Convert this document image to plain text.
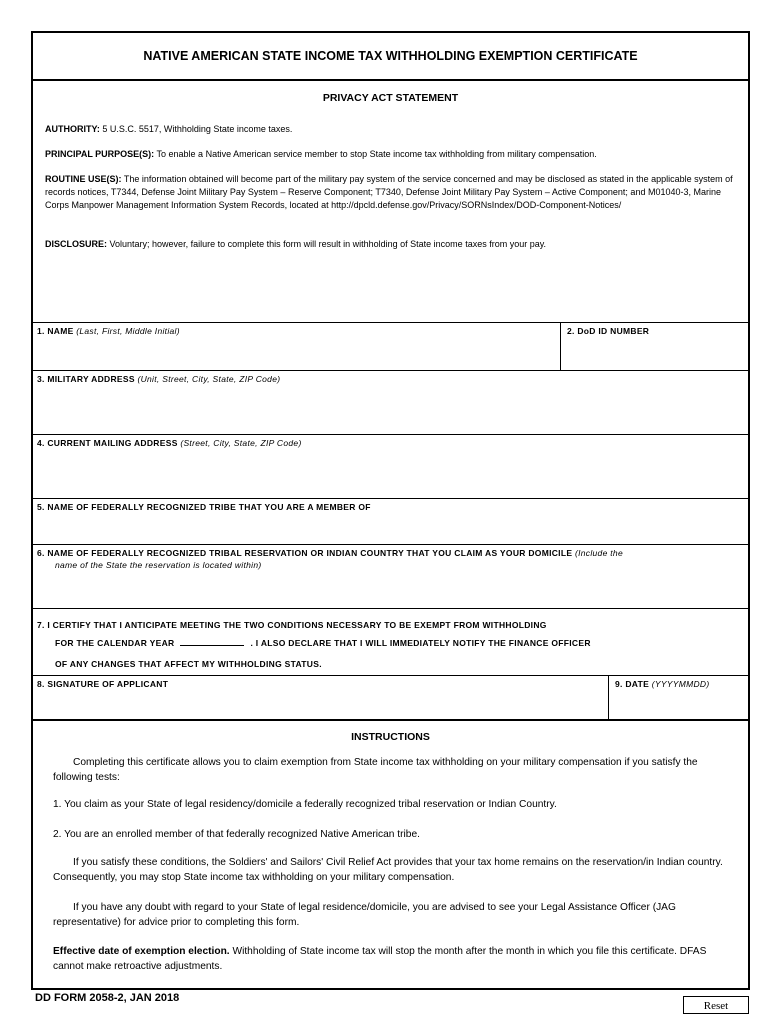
NATIVE AMERICAN STATE INCOME TAX WITHHOLDING EXEMPTION CERTIFICATE
PRIVACY ACT STATEMENT
AUTHORITY: 5 U.S.C. 5517, Withholding State income taxes.
PRINCIPAL PURPOSE(S): To enable a Native American service member to stop State income tax withholding from military compensation.
ROUTINE USE(S): The information obtained will become part of the military pay system of the service concerned and may be disclosed as stated in the applicable system of records notices, T7344, Defense Joint Military Pay System – Reserve Component; T7340, Defense Joint Military Pay System – Active Component; and M01040-3, Marine Corps Manpower Management Information System Records, located at http://dpcld.defense.gov/Privacy/SORNsIndex/DOD-Component-Notices/
DISCLOSURE: Voluntary; however, failure to complete this form will result in withholding of State income taxes from your pay.
1. NAME (Last, First, Middle Initial)	2. DoD ID NUMBER
3. MILITARY ADDRESS (Unit, Street, City, State, ZIP Code)
4. CURRENT MAILING ADDRESS (Street, City, State, ZIP Code)
5. NAME OF FEDERALLY RECOGNIZED TRIBE THAT YOU ARE A MEMBER OF
6. NAME OF FEDERALLY RECOGNIZED TRIBAL RESERVATION OR INDIAN COUNTRY THAT YOU CLAIM AS YOUR DOMICILE (Include the
name of the State the reservation is located within)
7. I CERTIFY THAT I ANTICIPATE MEETING THE TWO CONDITIONS NECESSARY TO BE EXEMPT FROM WITHHOLDING
FOR THE CALENDAR YEAR	. I ALSO DECLARE THAT I WILL IMMEDIATELY NOTIFY THE FINANCE OFFICER
OF ANY CHANGES THAT AFFECT MY WITHHOLDING STATUS.
8. SIGNATURE OF APPLICANT	9. DATE (YYYYMMDD)
INSTRUCTIONS
Completing this certificate allows you to claim exemption from State income tax withholding on your military compensation if you satisfy the following tests:
1. You claim as your State of legal residency/domicile a federally recognized tribal reservation or Indian Country.
2. You are an enrolled member of that federally recognized Native American tribe.
If you satisfy these conditions, the Soldiers' and Sailors' Civil Relief Act provides that your tax home remains on the reservation/in Indian country. Consequently, you may stop State income tax withholding on your military compensation.
If you have any doubt with regard to your State of legal residence/domicile, you are advised to see your Legal Assistance Officer (JAG representative) for advice prior to completing this form.
Effective date of exemption election. Withholding of State income tax will stop the month after the month in which you file this certificate. DFAS cannot make retroactive adjustments.
DD FORM 2058-2, JAN 2018
Reset
